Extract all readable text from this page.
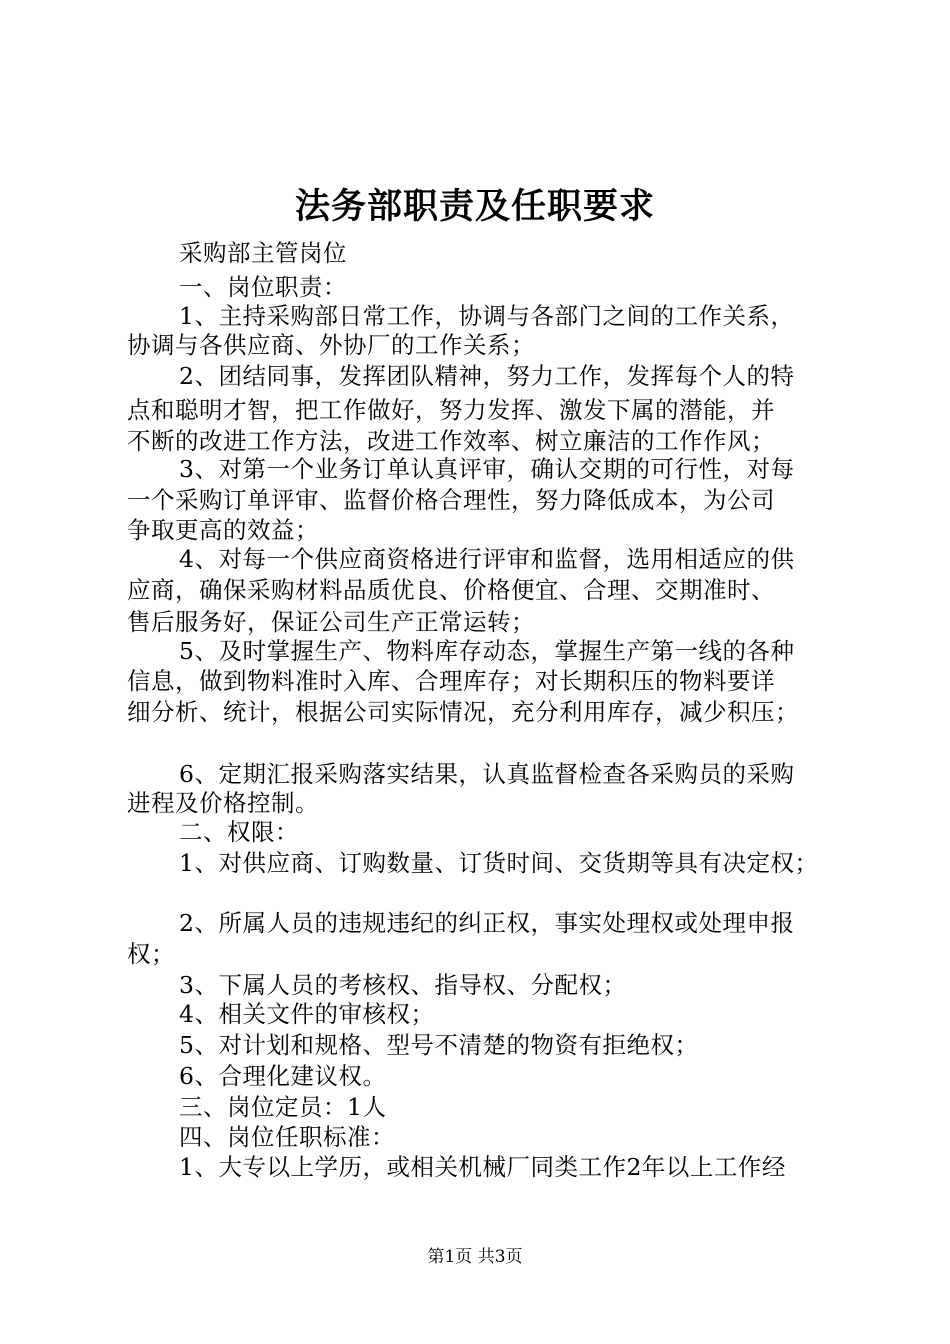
法务部职责及任职要求
采购部主管岗位
一、岗位职责：
1、主持采购部日常工作，协调与各部门之间的工作关系，
协调与各供应商、外协厂的工作关系；
2、团结同事，发挥团队精神，努力工作，发挥每个人的特
点和聪明才智，把工作做好，努力发挥、激发下属的潜能，并
不断的改进工作方法，改进工作效率、树立廉洁的工作作风；
3、对第一个业务订单认真评审，确认交期的可行性，对每
一个采购订单评审、监督价格合理性，努力降低成本，为公司
争取更高的效益；
4、对每一个供应商资格进行评审和监督，选用相适应的供
应商，确保采购材料品质优良、价格便宜、合理、交期准时、
售后服务好，保证公司生产正常运转；
5、及时掌握生产、物料库存动态，掌握生产第一线的各种
信息，做到物料准时入库、合理库存；对长期积压的物料要详
细分析、统计，根据公司实际情况，充分利用库存，减少积压；
6、定期汇报采购落实结果，认真监督检查各采购员的采购
进程及价格控制。
二、权限：
1、对供应商、订购数量、订货时间、交货期等具有决定权；
2、所属人员的违规违纪的纠正权，事实处理权或处理申报
权；
3、下属人员的考核权、指导权、分配权；
4、相关文件的审核权；
5、对计划和规格、型号不清楚的物资有拒绝权；
6、合理化建议权。
三、岗位定员：1人
四、岗位任职标准：
1、大专以上学历，或相关机械厂同类工作2年以上工作经
第1页 共3页
